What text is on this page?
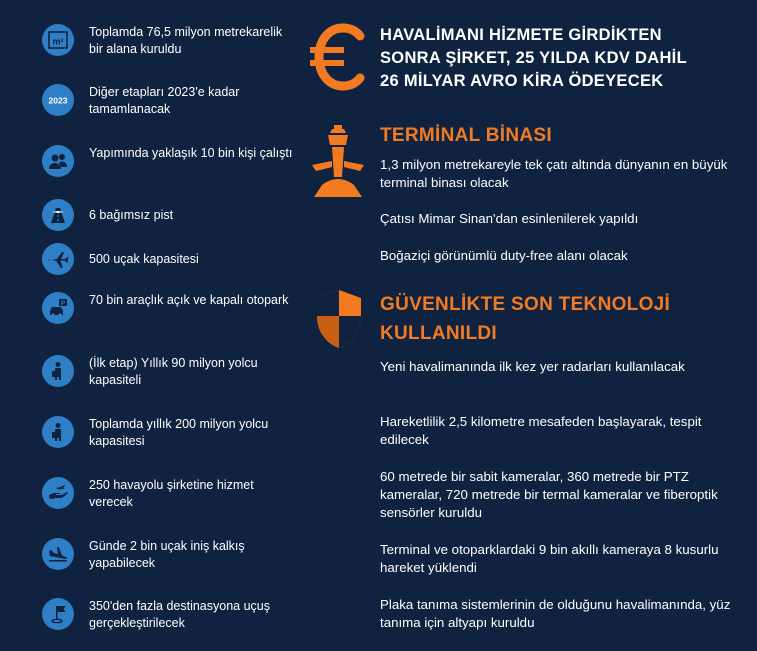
m²
Toplamda 76,5 milyon metrekarelik bir alana kuruldu
2023
Diğer etapları 2023'e kadar tamamlanacak
Yapımında yaklaşık 10 bin kişi çalıştı
6 bağımsız pist
500 uçak kapasitesi
P 70 bin araçlık açık ve kapalı otopark
(İlk etap) Yıllık 90 milyon yolcu kapasiteli
Toplamda yıllık 200 milyon yolcu kapasitesi
250 havayolu şirketine hizmet verecek
Günde 2 bin uçak iniş kalkış yapabilecek
350'den fazla destinasyona uçuş gerçekleştirilecek
HAVALİMANI HİZMETE GİRDİKTEN
SONRA ŞİRKET, 25 YILDA KDV DAHİL
26 MİLYAR AVRO KİRA ÖDEYECEK
TERMİNAL BİNASI
1,3 milyon metrekareyle tek çatı altında dünyanın en büyük terminal binası olacak
Çatısı Mimar Sinan'dan esinlenilerek yapıldı
Boğaziçi görünümlü duty-free alanı olacak
GÜVENLİKTE SON TEKNOLOJİ
KULLANILDI
Yeni havalimanında ilk kez yer radarları kullanılacak
Hareketlilik 2,5 kilometre mesafeden başlayarak, tespit edilecek
60 metrede bir sabit kameralar, 360 metrede bir PTZ kameralar, 720 metrede bir termal kameralar ve fiberoptik sensörler kuruldu
Terminal ve otoparklardaki 9 bin akıllı kameraya 8 kusurlu hareket yüklendi
Plaka tanıma sistemlerinin de olduğunu havalimanında, yüz tanıma için altyapı kuruldu
